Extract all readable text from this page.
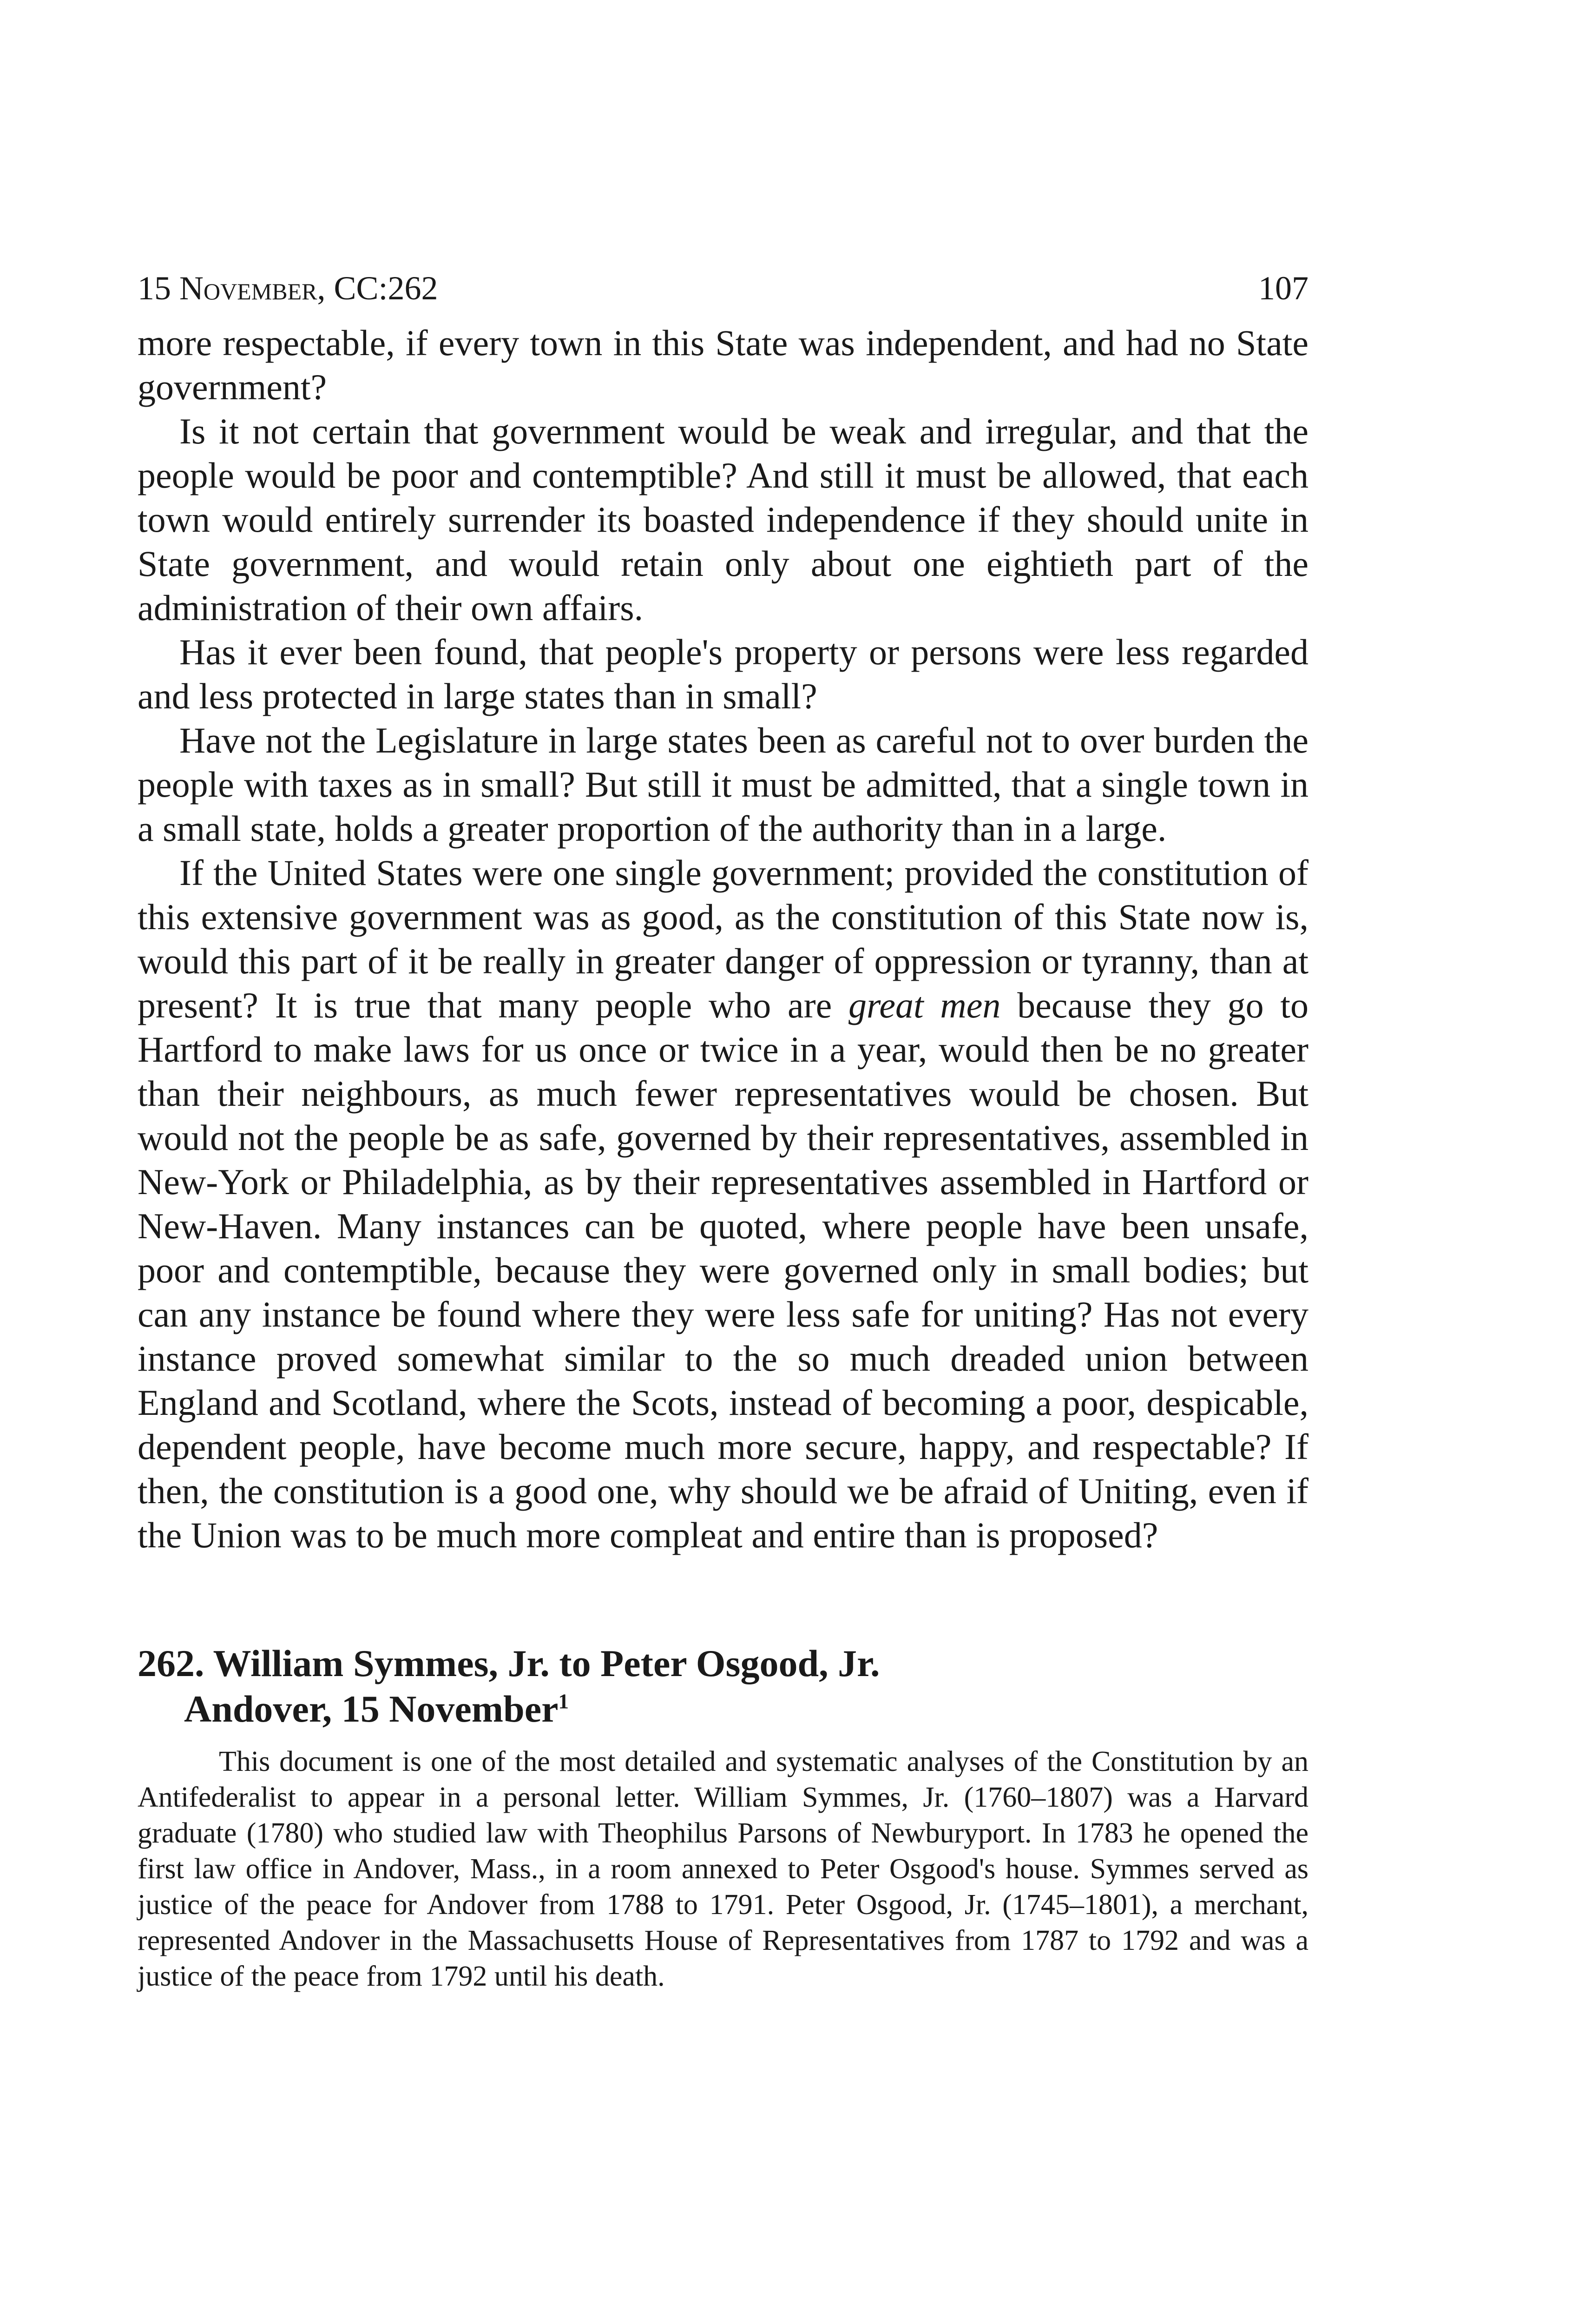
15 November, CC:262	107

more respectable, if every town in this State was independent, and had no State government?

Is it not certain that government would be weak and irregular, and that the people would be poor and contemptible? And still it must be allowed, that each town would entirely surrender its boasted independence if they should unite in State government, and would retain only about one eightieth part of the administration of their own affairs.

Has it ever been found, that people's property or persons were less regarded and less protected in large states than in small?

Have not the Legislature in large states been as careful not to over burden the people with taxes as in small? But still it must be admitted, that a single town in a small state, holds a greater proportion of the authority than in a large.

If the United States were one single government; provided the constitution of this extensive government was as good, as the constitution of this State now is, would this part of it be really in greater danger of oppression or tyranny, than at present? It is true that many people who are great men because they go to Hartford to make laws for us once or twice in a year, would then be no greater than their neighbours, as much fewer representatives would be chosen. But would not the people be as safe, governed by their representatives, assembled in New-York or Philadelphia, as by their representatives assembled in Hartford or New-Haven. Many instances can be quoted, where people have been unsafe, poor and contemptible, because they were governed only in small bodies; but can any instance be found where they were less safe for uniting? Has not every instance proved somewhat similar to the so much dreaded union between England and Scotland, where the Scots, instead of becoming a poor, despicable, dependent people, have become much more secure, happy, and respectable? If then, the constitution is a good one, why should we be afraid of Uniting, even if the Union was to be much more compleat and entire than is proposed?

262. William Symmes, Jr. to Peter Osgood, Jr.
Andover, 15 November$^1$

This document is one of the most detailed and systematic analyses of the Constitution by an Antifederalist to appear in a personal letter. William Symmes, Jr. (1760–1807) was a Harvard graduate (1780) who studied law with Theophilus Parsons of Newburyport. In 1783 he opened the first law office in Andover, Mass., in a room annexed to Peter Osgood's house. Symmes served as justice of the peace for Andover from 1788 to 1791. Peter Osgood, Jr. (1745–1801), a merchant, represented Andover in the Massachusetts House of Representatives from 1787 to 1792 and was a justice of the peace from 1792 until his death.
